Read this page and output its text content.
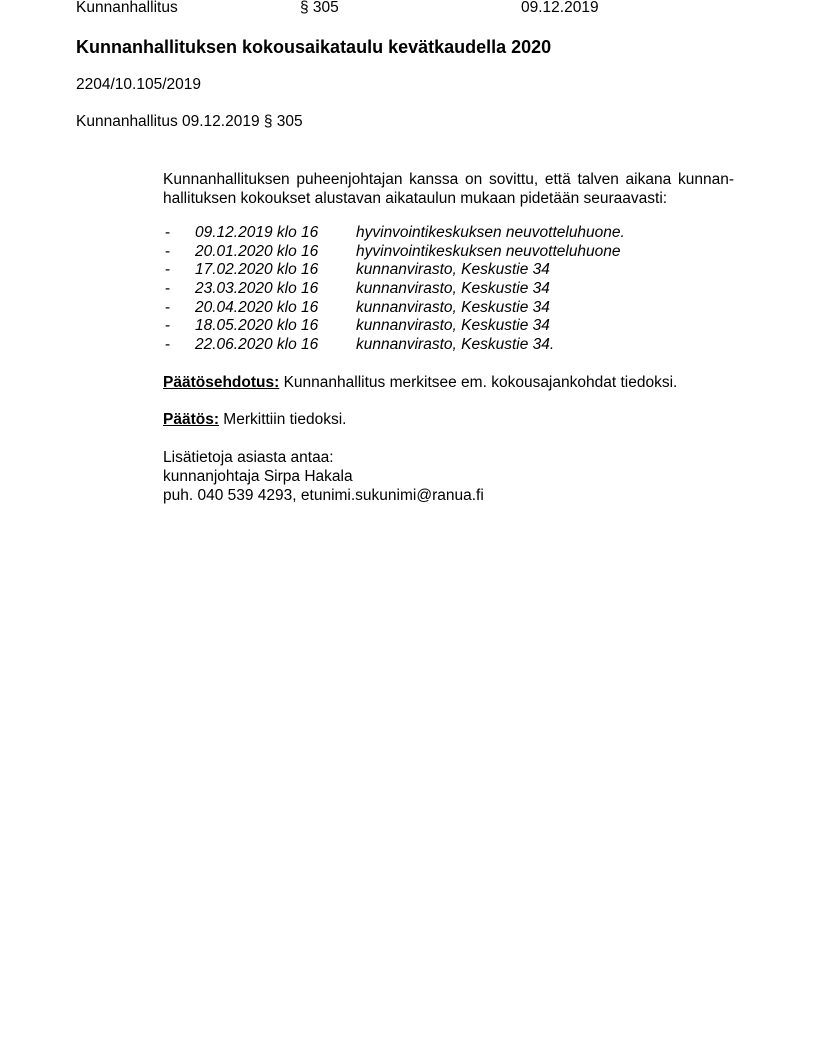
Kunnanhallitus	§ 305	09.12.2019
Kunnanhallituksen kokousaikataulu kevätkaudella 2020
2204/10.105/2019
Kunnanhallitus 09.12.2019 § 305
Kunnanhallituksen puheenjohtajan kanssa on sovittu, että talven aikana kunnan-
hallituksen kokoukset alustavan aikataulun mukaan pidetään seuraavasti:
- 09.12.2019 klo 16 hyvinvointikeskuksen neuvotteluhuone.
- 20.01.2020 klo 16 hyvinvointikeskuksen neuvotteluhuone
- 17.02.2020 klo 16 kunnanvirasto, Keskustie 34
- 23.03.2020 klo 16 kunnanvirasto, Keskustie 34
- 20.04.2020 klo 16 kunnanvirasto, Keskustie 34
- 18.05.2020 klo 16 kunnanvirasto, Keskustie 34
- 22.06.2020 klo 16 kunnanvirasto, Keskustie 34.
Päätösehdotus: Kunnanhallitus merkitsee em. kokousajankohdat tiedoksi.
Päätös: Merkittiin tiedoksi.
Lisätietoja asiasta antaa:
kunnanjohtaja Sirpa Hakala
puh. 040 539 4293, etunimi.sukunimi@ranua.fi
